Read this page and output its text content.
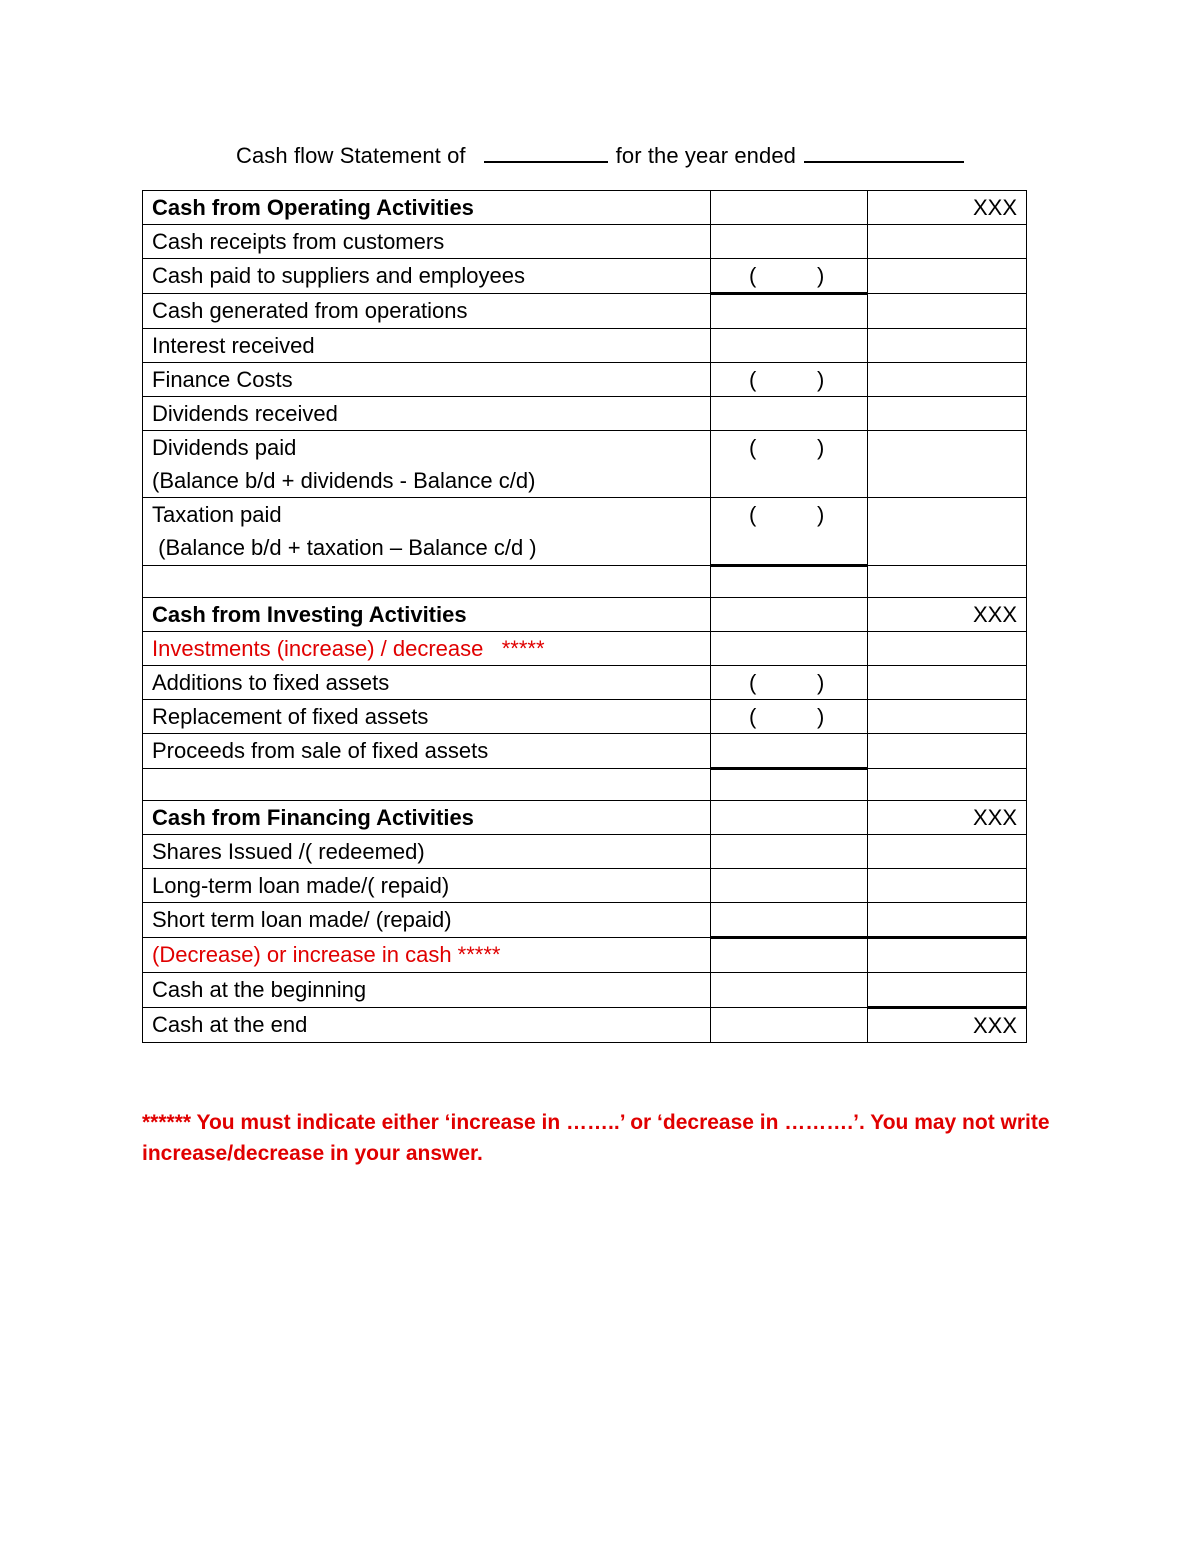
Cash flow Statement of	for the year ended
Cash from Operating Activities		XXX
Cash receipts from customers		
Cash paid to suppliers and employees	( )	
Cash generated from operations		
Interest received		
Finance Costs	( )	
Dividends received		

Dividends paid
(Balance b/d + dividends - Balance c/d)	( )	

Taxation paid
(Balance b/d + taxation – Balance c/d )	( )	

Cash from Investing Activities		XXX
Investments (increase) / decrease   *****		
Additions to fixed assets	( )	
Replacement of fixed assets	( )	
Proceeds from sale of fixed assets		

Cash from Financing Activities		XXX
Shares Issued /( redeemed)		
Long-term loan made/( repaid)		
Short term loan made/ (repaid)		
(Decrease) or increase in cash *****		
Cash at the beginning		
Cash at the end		XXX
****** You must indicate either ‘increase in ……..’ or ‘decrease in ……….’. You may not write increase/decrease in your answer.
